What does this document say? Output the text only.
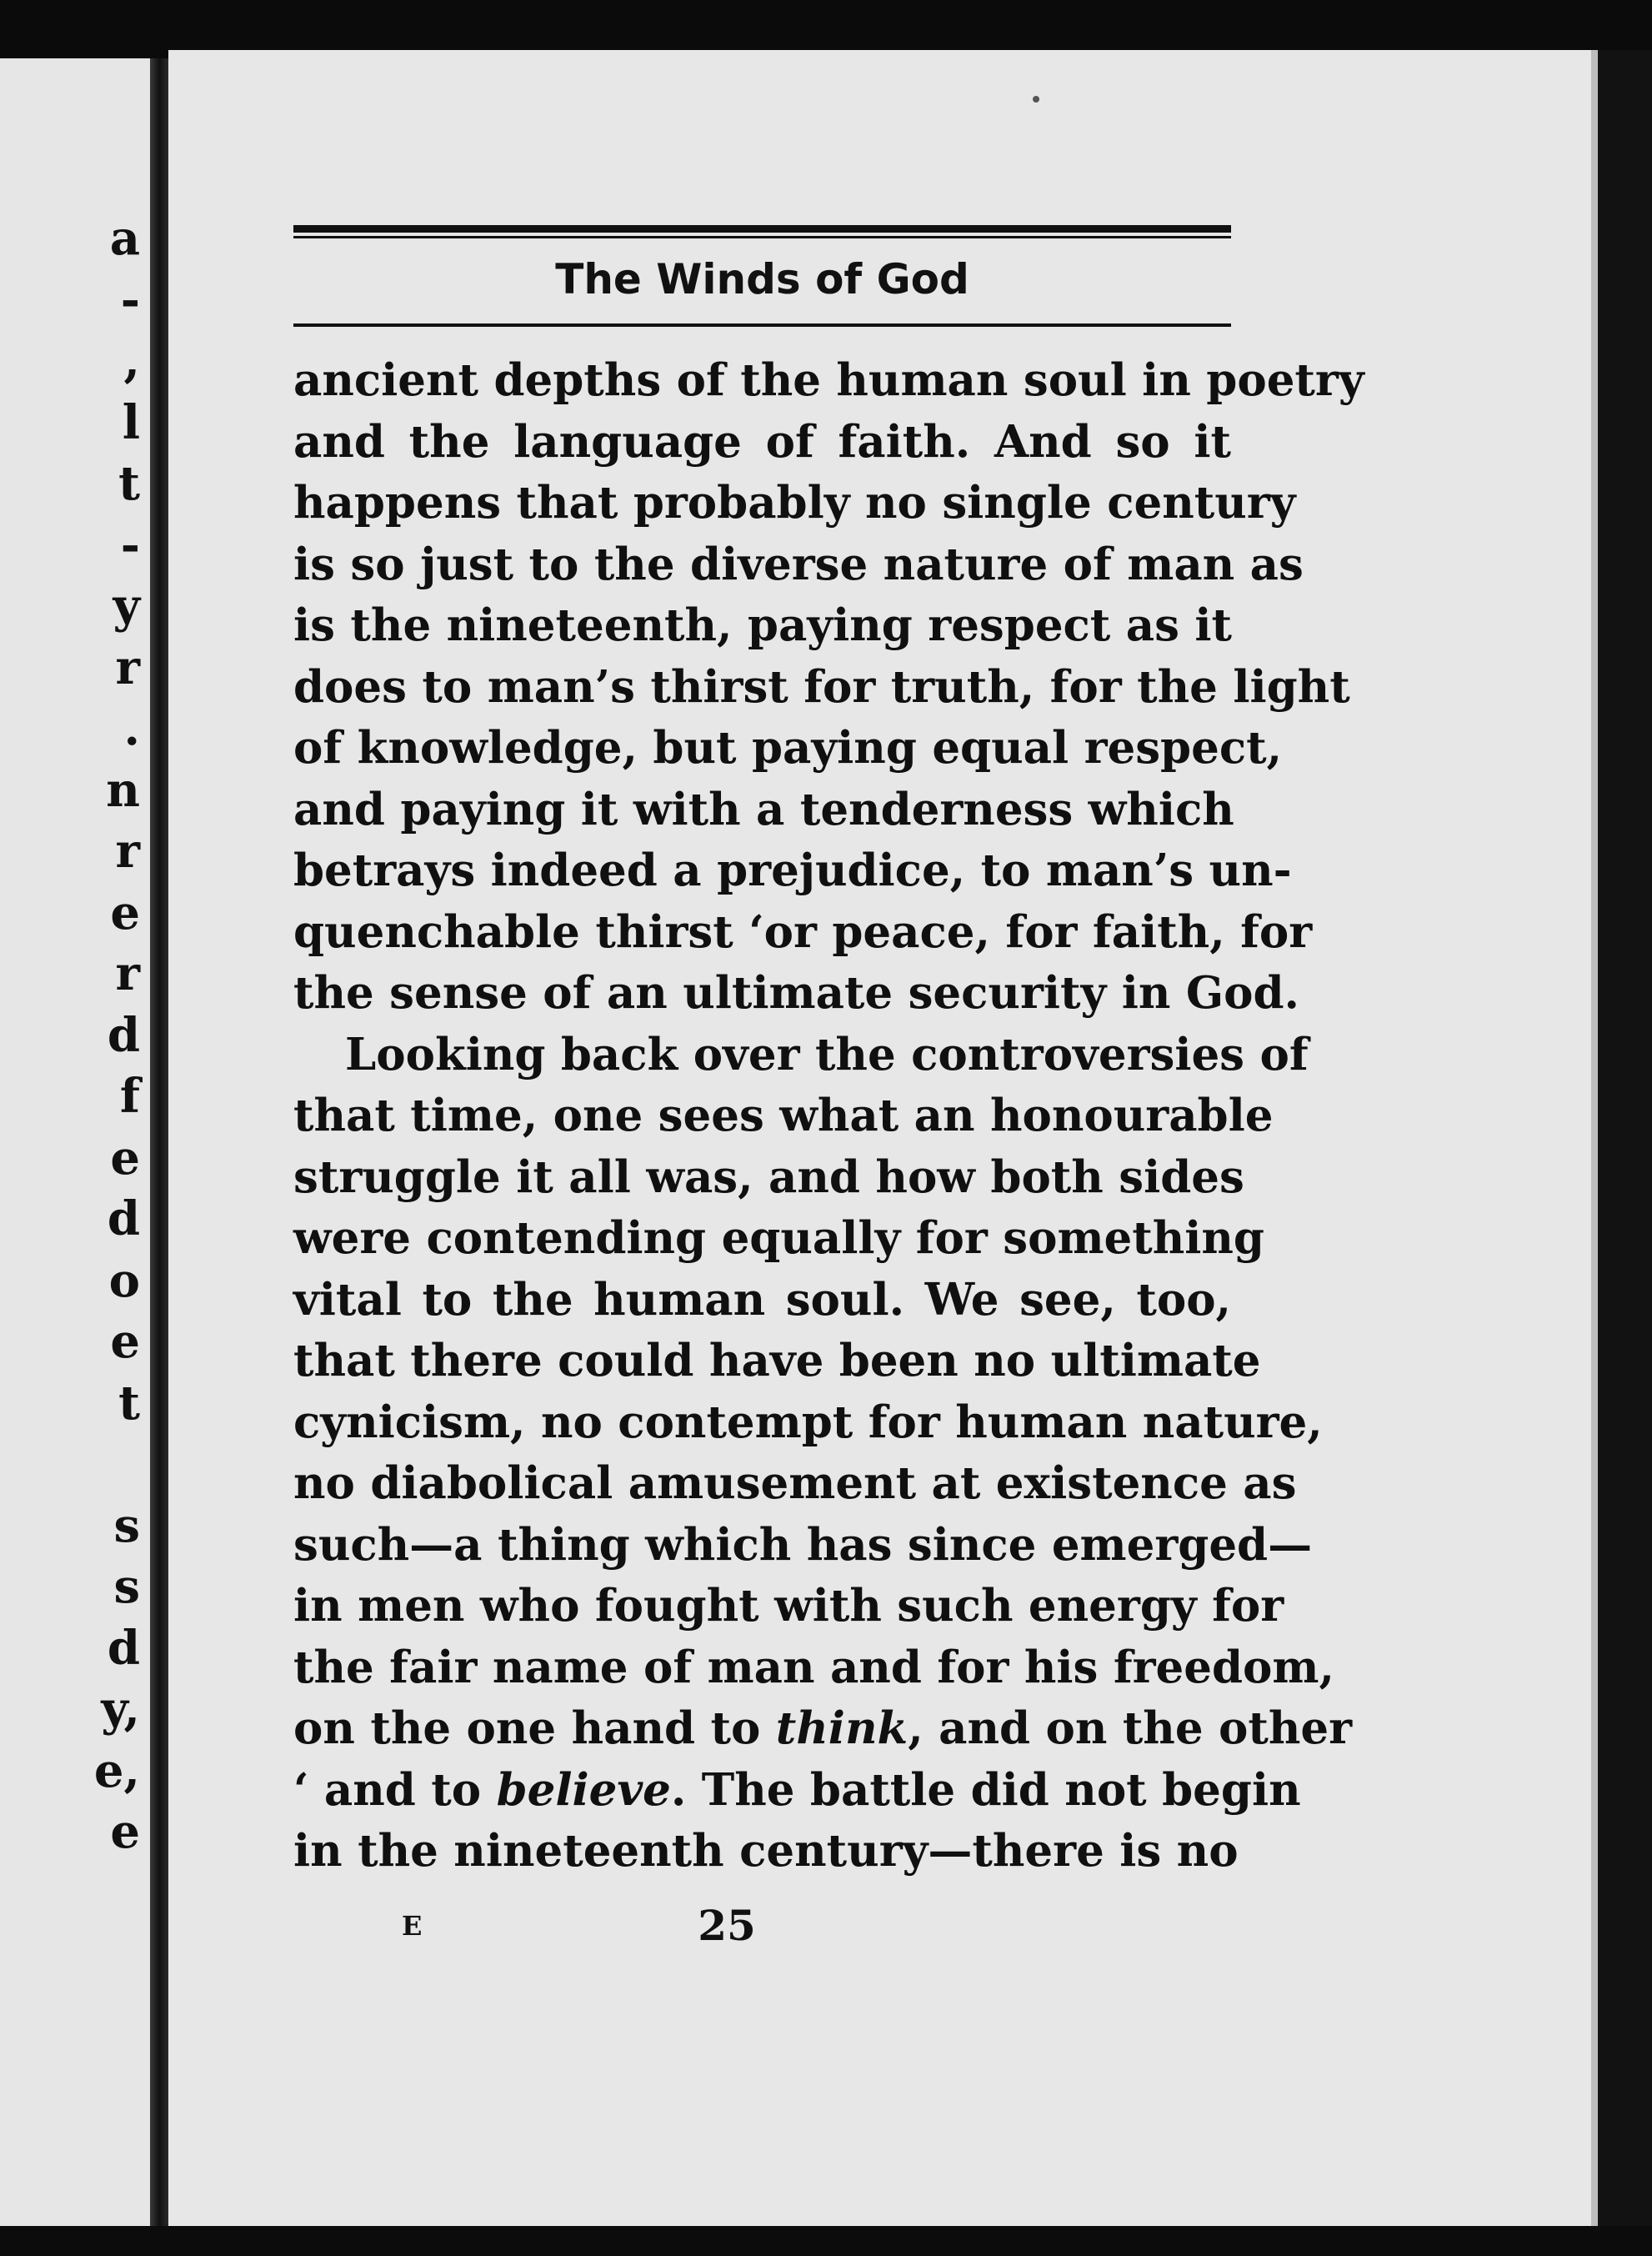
a
-
,
l
t
-
y
r
.
n
r
e
r
d
f
e
d
o
e
t
s
s
d
y,
e,
e
The Winds of God
ancient depths of the human soul in poetry
and the language of faith. And so it
happens that probably no single century
is so just to the diverse nature of man as
is the nineteenth, paying respect as it
does to man’s thirst for truth, for the light
of knowledge, but paying equal respect,
and paying it with a tenderness which
betrays indeed a prejudice, to man’s un-
quenchable thirst ‘or peace, for faith, for
the sense of an ultimate security in God.
Looking back over the controversies of
that time, one sees what an honourable
struggle it all was, and how both sides
were contending equally for something
vital to the human soul. We see, too,
that there could have been no ultimate
cynicism, no contempt for human nature,
no diabolical amusement at existence as
such—a thing which has since emerged—
in men who fought with such energy for
the fair name of man and for his freedom,
on the one hand to think, and on the other
‘ and to believe. The battle did not begin
in the nineteenth century—there is no
E	25
